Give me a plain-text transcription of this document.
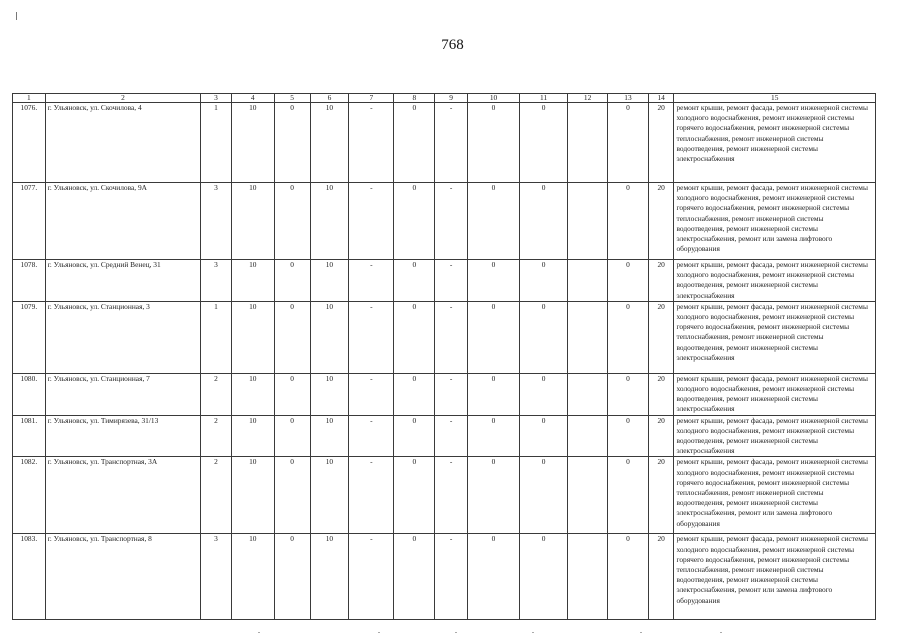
768
1	2	3	4	5	6	7	8	9	10	11	12	13	14	15
1076.	г. Ульяновск, ул. Скочилова, 4	1	10	0	10	-	0	-	0	0		0	20	ремонт крыши, ремонт фасада, ремонт инженерной системы холодного водоснабжения, ремонт инженерной системы горячего водоснабжения, ремонт инженерной системы теплоснабжения, ремонт инженерной системы водоотведения, ремонт инженерной системы электроснабжения
1077.	г. Ульяновск, ул. Скочилова, 9А	3	10	0	10	-	0	-	0	0		0	20	ремонт крыши, ремонт фасада, ремонт инженерной системы холодного водоснабжения, ремонт инженерной системы горячего водоснабжения, ремонт инженерной системы теплоснабжения, ремонт инженерной системы водоотведения, ремонт инженерной системы электроснабжения, ремонт или замена лифтового оборудования
1078.	г. Ульяновск, ул. Средний Венец, 31	3	10	0	10	-	0	-	0	0		0	20	ремонт крыши, ремонт фасада, ремонт инженерной системы холодного водоснабжения, ремонт инженерной системы водоотведения, ремонт инженерной системы электроснабжения
1079.	г. Ульяновск, ул. Станционная, 3	1	10	0	10	-	0	-	0	0		0	20	ремонт крыши, ремонт фасада, ремонт инженерной системы холодного водоснабжения, ремонт инженерной системы горячего водоснабжения, ремонт инженерной системы теплоснабжения, ремонт инженерной системы водоотведения, ремонт инженерной системы электроснабжения
1080.	г. Ульяновск, ул. Станционная, 7	2	10	0	10	-	0	-	0	0		0	20	ремонт крыши, ремонт фасада, ремонт инженерной системы холодного водоснабжения, ремонт инженерной системы водоотведения, ремонт инженерной системы электроснабжения
1081.	г. Ульяновск, ул. Тимирязева, 31/13	2	10	0	10	-	0	-	0	0		0	20	ремонт крыши, ремонт фасада, ремонт инженерной системы холодного водоснабжения, ремонт инженерной системы водоотведения, ремонт инженерной системы электроснабжения
1082.	г. Ульяновск, ул. Транспортная, 3А	2	10	0	10	-	0	-	0	0		0	20	ремонт крыши, ремонт фасада, ремонт инженерной системы холодного водоснабжения, ремонт инженерной системы горячего водоснабжения, ремонт инженерной системы теплоснабжения, ремонт инженерной системы водоотведения, ремонт инженерной системы электроснабжения, ремонт или замена лифтового оборудования
1083.	г. Ульяновск, ул. Транспортная, 8	3	10	0	10	-	0	-	0	0		0	20	ремонт крыши, ремонт фасада, ремонт инженерной системы холодного водоснабжения, ремонт инженерной системы горячего водоснабжения, ремонт инженерной системы теплоснабжения, ремонт инженерной системы водоотведения, ремонт инженерной системы электроснабжения, ремонт или замена лифтового оборудования
